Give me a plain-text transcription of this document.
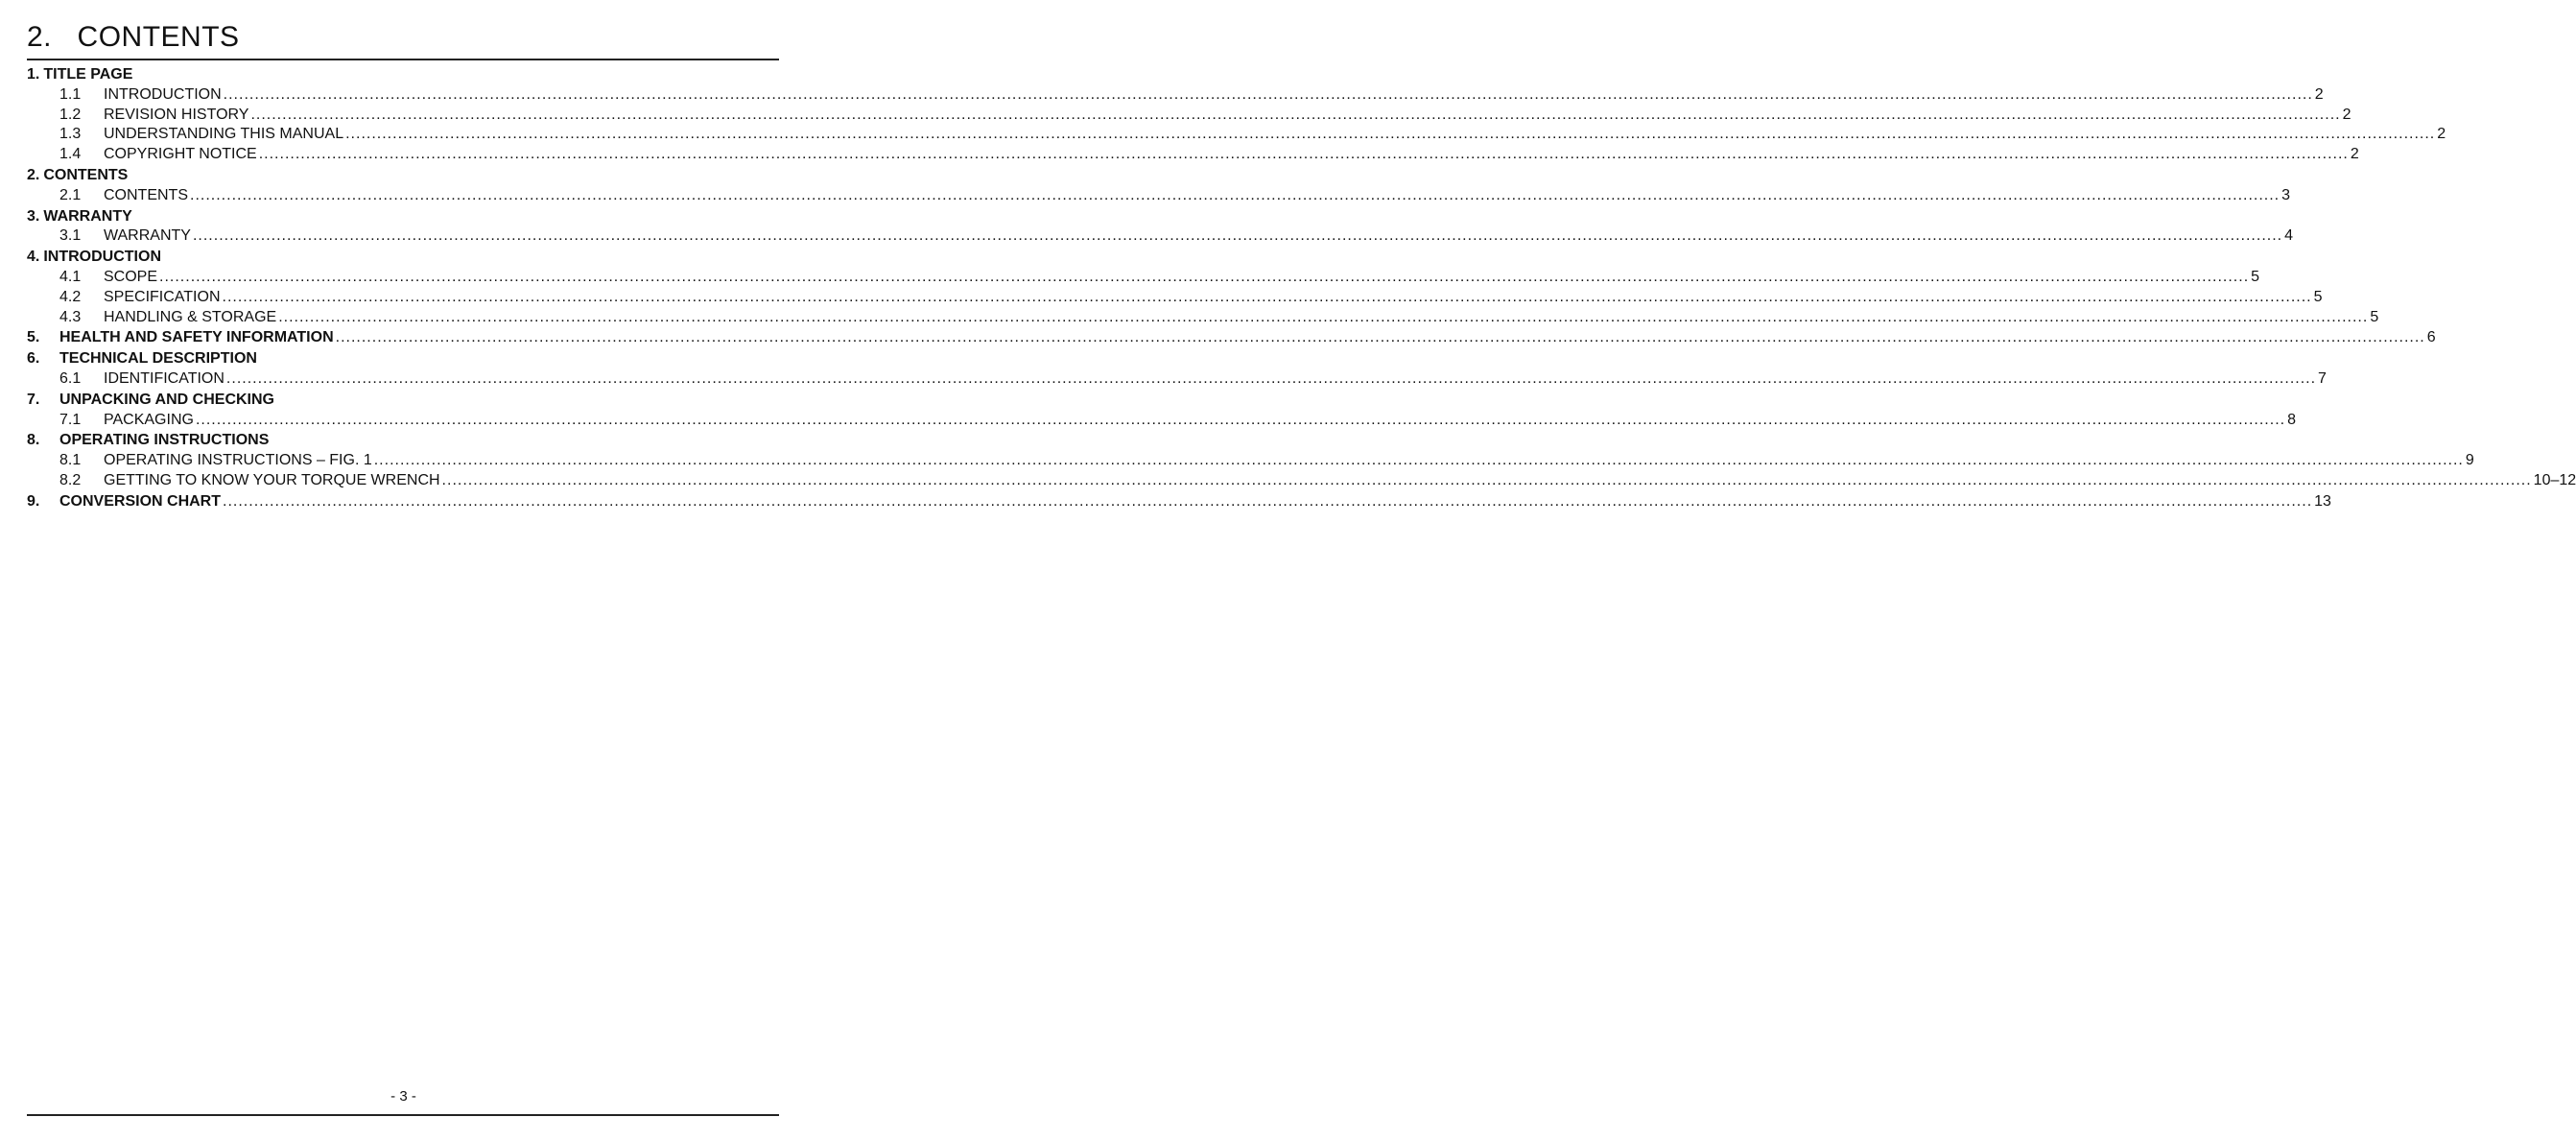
2.   CONTENTS
1. TITLE PAGE
1.1	INTRODUCTION ................................................................................................................................................................................................................................................................................................................................................................................................................ 2
1.2	REVISION HISTORY ................................................................................................................................................................................................................................................................................................................................................................................................................ 2
1.3	UNDERSTANDING THIS MANUAL ................................................................................................................................................................................................................................................................................................................................................................................................................ 2
1.4	COPYRIGHT NOTICE ................................................................................................................................................................................................................................................................................................................................................................................................................ 2
2. CONTENTS
2.1	CONTENTS ................................................................................................................................................................................................................................................................................................................................................................................................................ 3
3. WARRANTY
3.1	WARRANTY ................................................................................................................................................................................................................................................................................................................................................................................................................ 4
4. INTRODUCTION
4.1	SCOPE ................................................................................................................................................................................................................................................................................................................................................................................................................ 5
4.2	SPECIFICATION ................................................................................................................................................................................................................................................................................................................................................................................................................ 5
4.3	HANDLING & STORAGE ................................................................................................................................................................................................................................................................................................................................................................................................................ 5
5.	HEALTH AND SAFETY INFORMATION ................................................................................................................................................................................................................................................................................................................................................................................................................ 6
6.	TECHNICAL DESCRIPTION
6.1	IDENTIFICATION ................................................................................................................................................................................................................................................................................................................................................................................................................ 7
7.	UNPACKING AND CHECKING
7.1	PACKAGING ................................................................................................................................................................................................................................................................................................................................................................................................................ 8
8.	OPERATING INSTRUCTIONS
8.1	OPERATING INSTRUCTIONS – FIG. 1 ................................................................................................................................................................................................................................................................................................................................................................................................................ 9
8.2	GETTING TO KNOW YOUR TORQUE WRENCH ................................................................................................................................................................................................................................................................................................................................................................................................................ 10–12
9.	CONVERSION CHART ................................................................................................................................................................................................................................................................................................................................................................................................................ 13
- 3 -
